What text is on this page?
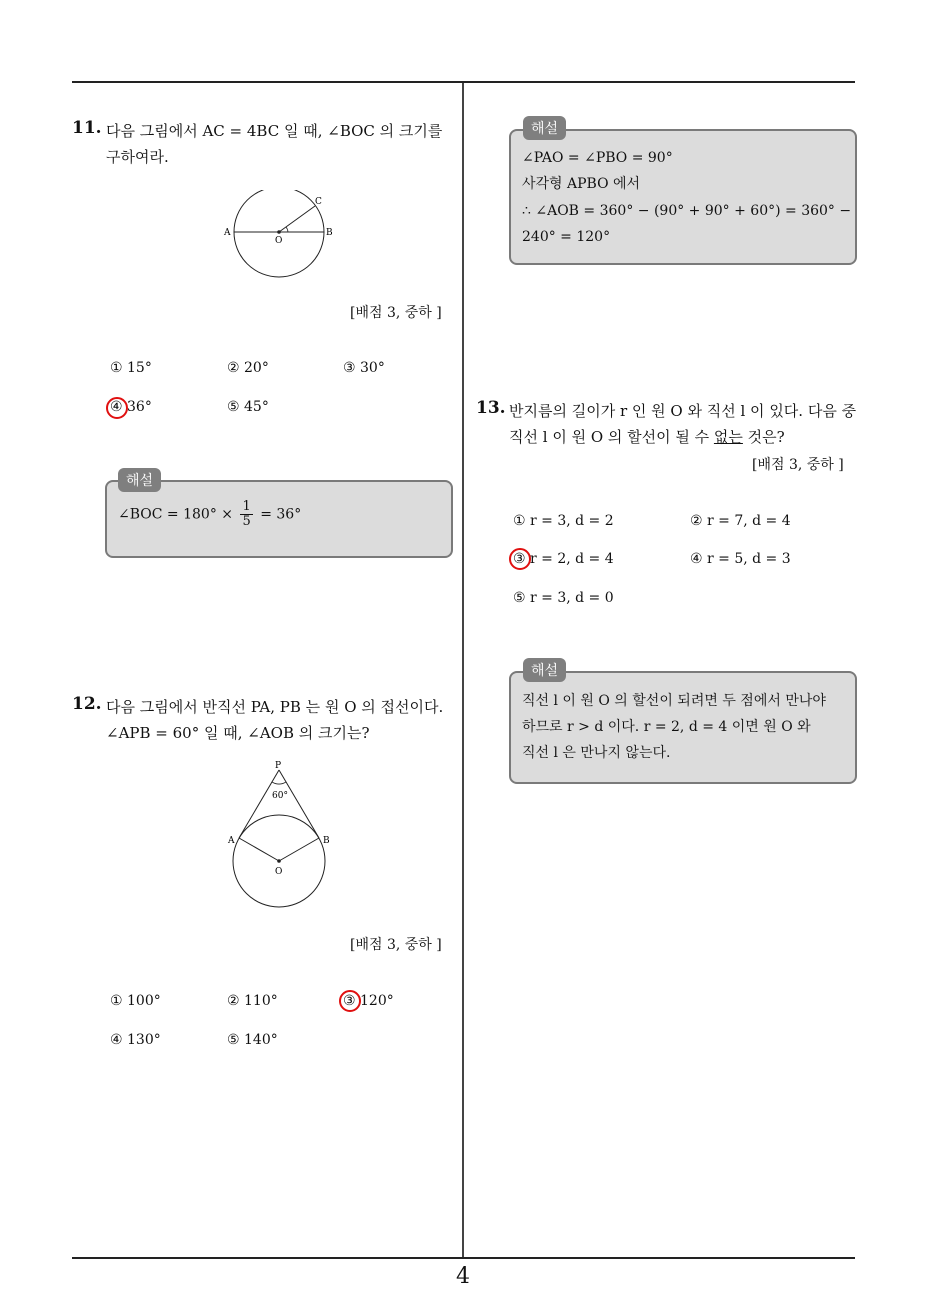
11. 다음 그림에서 AC = 4BC 일 때, ∠BOC 의 크기를
구하여라.
A	B
C
O
[배점 3, 중하 ]
① 15°	② 20°	③ 30°
④ 36°	⑤ 45°
해설
∠BOC = $180^\circ \times \frac{1}{5} = 36^\circ$
12. 다음 그림에서 반직선 PA, PB 는 원 O 의 접선이다.
∠APB = 60° 일 때, ∠AOB 의 크기는?
P
60°
A	B
O
[배점 3, 중하 ]
① 100°	② 110°	③ 120°
④ 130°	⑤ 140°
해설
∠PAO = ∠PBO = 90°
사각형 APBO 에서
∴ ∠AOB = 360° − (90° + 90° + 60°) = 360° −
240° = 120°
13. 반지름의 길이가 r 인 원 O 와 직선 l 이 있다. 다음 중
직선 l 이 원 O 의 할선이 될 수 없는 것은?
[배점 3, 중하 ]
① r = 3, d = 2	② r = 7, d = 4
③ r = 2, d = 4	④ r = 5, d = 3
⑤ r = 3, d = 0
해설
직선 l 이 원 O 의 할선이 되려면 두 점에서 만나야
하므로 r > d 이다. r = 2, d = 4 이면 원 O 와
직선 l 은 만나지 않는다.
4
